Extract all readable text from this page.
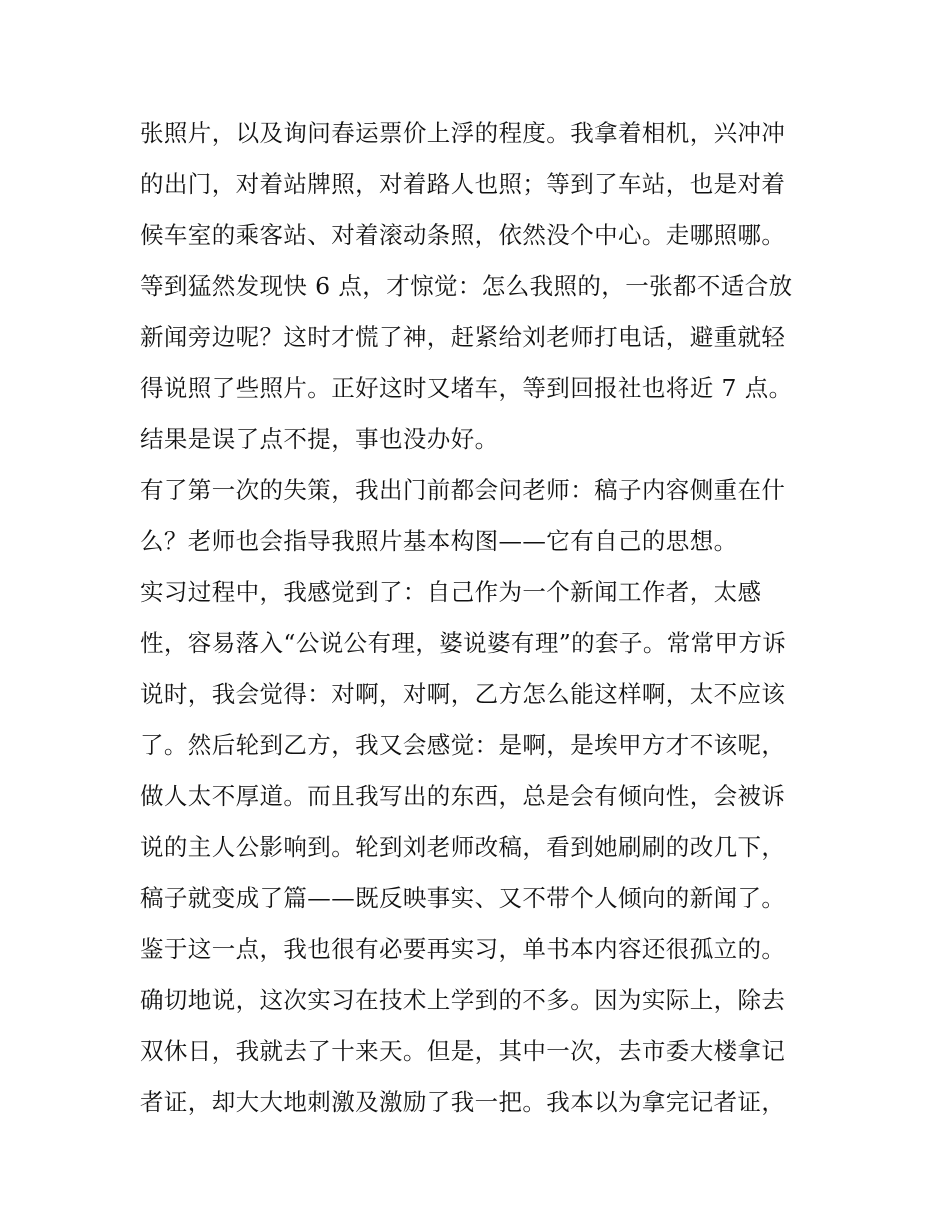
张照片，以及询问春运票价上浮的程度。我拿着相机，兴冲冲
的出门，对着站牌照，对着路人也照；等到了车站，也是对着
候车室的乘客站、对着滚动条照，依然没个中心。走哪照哪。
等到猛然发现快 6 点，才惊觉：怎么我照的，一张都不适合放
新闻旁边呢？这时才慌了神，赶紧给刘老师打电话，避重就轻
得说照了些照片。正好这时又堵车，等到回报社也将近 7 点。
结果是误了点不提，事也没办好。
有了第一次的失策，我出门前都会问老师：稿子内容侧重在什
么？老师也会指导我照片基本构图——它有自己的思想。
实习过程中，我感觉到了：自己作为一个新闻工作者，太感
性，容易落入“公说公有理，婆说婆有理”的套子。常常甲方诉
说时，我会觉得：对啊，对啊，乙方怎么能这样啊，太不应该
了。然后轮到乙方，我又会感觉：是啊，是埃甲方才不该呢，
做人太不厚道。而且我写出的东西，总是会有倾向性，会被诉
说的主人公影响到。轮到刘老师改稿，看到她刷刷的改几下，
稿子就变成了篇——既反映事实、又不带个人倾向的新闻了。
鉴于这一点，我也很有必要再实习，单书本内容还很孤立的。
确切地说，这次实习在技术上学到的不多。因为实际上，除去
双休日，我就去了十来天。但是，其中一次，去市委大楼拿记
者证，却大大地刺激及激励了我一把。我本以为拿完记者证，
